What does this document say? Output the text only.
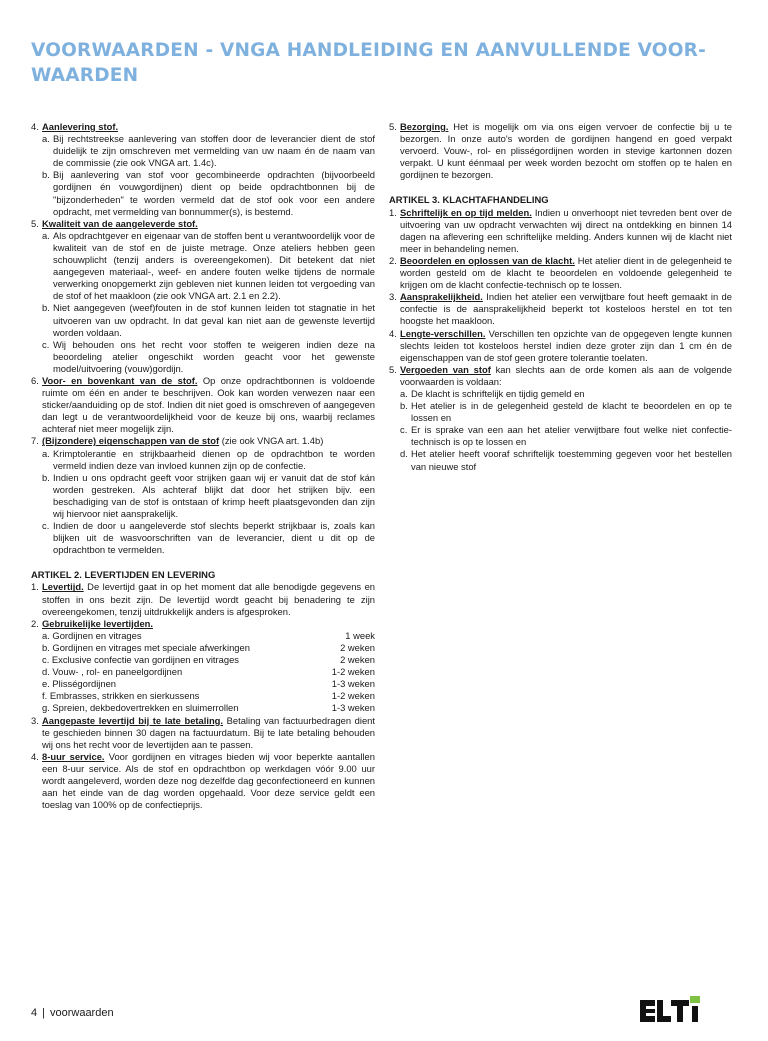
VOORWAARDEN - VNGA HANDLEIDING EN AANVULLENDE VOOR-WAARDEN
4. Aanlevering stof.
a. Bij rechtstreekse aanlevering van stoffen door de leverancier dient de stof duidelijk te zijn omschreven met vermelding van uw naam én de naam van de commissie (zie ook VNGA art. 1.4c).
b. Bij aanlevering van stof voor gecombineerde opdrachten (bijvoorbeeld gordijnen én vouwgordijnen) dient op beide opdrachtbonnen bij de "bijzonderheden" te worden vermeld dat de stof ook voor een andere opdracht, met vermelding van bonnummer(s), is bestemd.
5. Kwaliteit van de aangeleverde stof.
a. Als opdrachtgever en eigenaar van de stoffen bent u verantwoordelijk voor de kwaliteit van de stof en de juiste metrage. Onze ateliers hebben geen schouwplicht (tenzij anders is overeengekomen). Dit betekent dat niet aangegeven materiaal-, weef- en andere fouten welke tijdens de normale verwerking onopgemerkt zijn gebleven niet kunnen leiden tot vergoeding van de stof of het maakloon (zie ook VNGA art. 2.1 en 2.2).
b. Niet aangegeven (weef)fouten in de stof kunnen leiden tot stagnatie in het uitvoeren van uw opdracht. In dat geval kan niet aan de gewenste levertijd worden voldaan.
c. Wij behouden ons het recht voor stoffen te weigeren indien deze na beoordeling atelier ongeschikt worden geacht voor het gewenste model/uitvoering (vouw)gordijn.
6. Voor- en bovenkant van de stof. Op onze opdrachtbonnen is voldoende ruimte om één en ander te beschrijven. Ook kan worden verwezen naar een sticker/aanduiding op de stof. Indien dit niet goed is omschreven of aangegeven dan legt u de verantwoordelijkheid voor de keuze bij ons, waarbij reclames achteraf niet meer mogelijk zijn.
7. (Bijzondere) eigenschappen van de stof (zie ook VNGA art. 1.4b)
a. Krimptolerantie en strijkbaarheid dienen op de opdrachtbon te worden vermeld indien deze van invloed kunnen zijn op de confectie.
b. Indien u ons opdracht geeft voor strijken gaan wij er vanuit dat de stof kán worden gestreken. Als achteraf blijkt dat door het strijken bijv. een beschadiging van de stof is ontstaan of krimp heeft plaatsgevonden dan zijn wij hiervoor niet aansprakelijk.
c. Indien de door u aangeleverde stof slechts beperkt strijkbaar is, zoals kan blijken uit de wasvoorschriften van de leverancier, dient u dit op de opdrachtbon te vermelden.
ARTIKEL 2. LEVERTIJDEN EN LEVERING
1. Levertijd. De levertijd gaat in op het moment dat alle benodigde gegevens en stoffen in ons bezit zijn. De levertijd wordt geacht bij benadering te zijn overeengekomen, tenzij uitdrukkelijk anders is afgesproken.
2. Gebruikelijke levertijden.
a. Gordijnen en vitrages	1 week
b. Gordijnen en vitrages met speciale afwerkingen	2 weken
c. Exclusive confectie van gordijnen en vitrages	2 weken
d. Vouw- , rol- en paneelgordijnen	1-2 weken
e. Plisségordijnen	1-3 weken
f. Embrasses, strikken en sierkussens	1-2 weken
g. Spreien, dekbedovertrekken en sluimerrollen	1-3 weken
3. Aangepaste levertijd bij te late betaling. Betaling van factuurbedragen dient te geschieden binnen 30 dagen na factuurdatum. Bij te late betaling behouden wij ons het recht voor de levertijden aan te passen.
4. 8-uur service. Voor gordijnen en vitrages bieden wij voor beperkte aantallen een 8-uur service. Als de stof en opdrachtbon op werkdagen vóór 9.00 uur wordt aangeleverd, worden deze nog dezelfde dag geconfectioneerd en kunnen aan het einde van de dag worden opgehaald. Voor deze service geldt een toeslag van 100% op de confectieprijs.
5. Bezorging. Het is mogelijk om via ons eigen vervoer de confectie bij u te bezorgen. In onze auto's worden de gordijnen hangend en goed verpakt vervoerd. Vouw-, rol- en plisségordijnen worden in stevige kartonnen dozen verpakt. U kunt éénmaal per week worden bezocht om stoffen op te halen en gordijnen te bezorgen.
ARTIKEL 3. KLACHTAFHANDELING
1. Schriftelijk en op tijd melden. Indien u onverhoopt niet tevreden bent over de uitvoering van uw opdracht verwachten wij direct na ontdekking en binnen 14 dagen na aflevering een schriftelijke melding. Anders kunnen wij de klacht niet meer in behandeling nemen.
2. Beoordelen en oplossen van de klacht. Het atelier dient in de gelegenheid te worden gesteld om de klacht te beoordelen en voldoende gelegenheid te krijgen om de klacht confectie-technisch op te lossen.
3. Aansprakelijkheid. Indien het atelier een verwijtbare fout heeft gemaakt in de confectie is de aansprakelijkheid beperkt tot kosteloos herstel en tot ten hoogste het maakloon.
4. Lengte-verschillen. Verschillen ten opzichte van de opgegeven lengte kunnen slechts leiden tot kosteloos herstel indien deze groter zijn dan 1 cm én de eigenschappen van de stof geen grotere tolerantie toelaten.
5. Vergoeden van stof kan slechts aan de orde komen als aan de volgende voorwaarden is voldaan:
a. De klacht is schriftelijk en tijdig gemeld en
b. Het atelier is in de gelegenheid gesteld de klacht te beoordelen en op te lossen en
c. Er is sprake van een aan het atelier verwijtbare fout welke niet confectie-technisch is op te lossen en
d. Het atelier heeft vooraf schriftelijk toestemming gegeven voor het bestellen van nieuwe stof
4 | voorwaarden
